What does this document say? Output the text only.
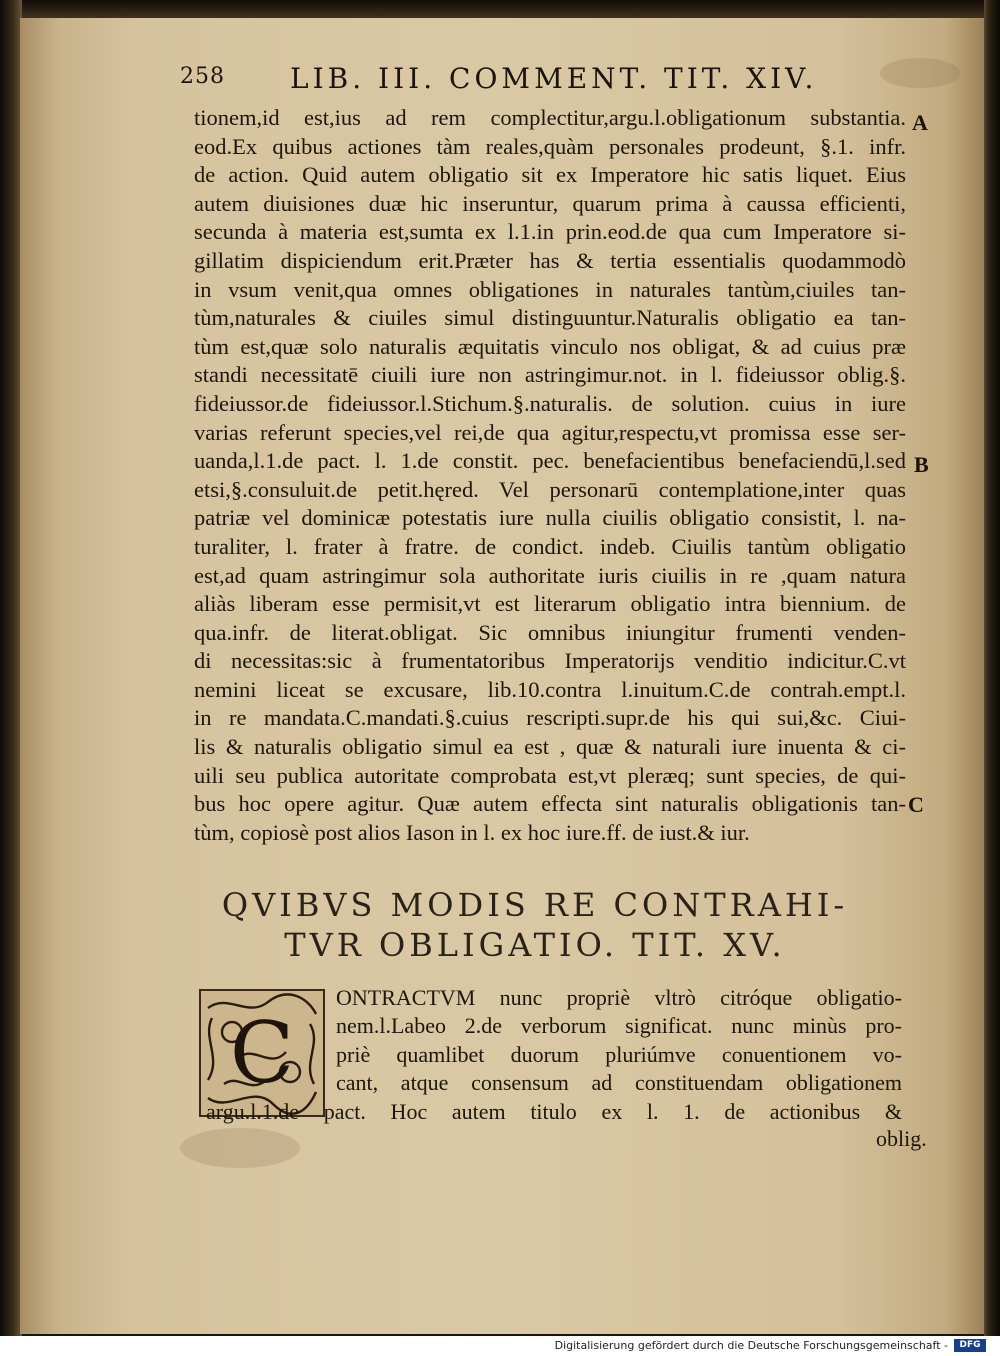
258 LIB. III. COMMENT. TIT. XIV.
tionem,id est,ius ad rem complectitur,argu.l.obligationum substantia.
eod.Ex quibus actiones tàm reales,quàm personales prodeunt, §.1. infr.
de action. Quid autem obligatio sit ex Imperatore hic satis liquet. Eius
autem diuisiones duæ hic inseruntur, quarum prima à caussa efficienti,
secunda à materia est,sumta ex l.1.in prin.eod.de qua cum Imperatore si-
gillatim dispiciendum erit.Præter has & tertia essentialis quodammodò
in vsum venit,qua omnes obligationes in naturales tantùm,ciuiles tan-
tùm,naturales & ciuiles simul distinguuntur.Naturalis obligatio ea tan-
tùm est,quæ solo naturalis æquitatis vinculo nos obligat, & ad cuius præ
standi necessitatē ciuili iure non astringimur.not. in l. fideiussor oblig.§.
fideiussor.de fideiussor.l.Stichum.§.naturalis. de solution. cuius in iure
varias referunt species,vel rei,de qua agitur,respectu,vt promissa esse ser-
uanda,l.1.de pact. l. 1.de constit. pec. benefacientibus benefaciendū,l.sed
etsi,§.consuluit.de petit.hęred. Vel personarū contemplatione,inter quas
patriæ vel dominicæ potestatis iure nulla ciuilis obligatio consistit, l. na-
turaliter, l. frater à fratre. de condict. indeb. Ciuilis tantùm obligatio
est,ad quam astringimur sola authoritate iuris ciuilis in re ,quam natura
aliàs liberam esse permisit,vt est literarum obligatio intra biennium. de
qua.infr. de literat.obligat. Sic omnibus iniungitur frumenti venden-
di necessitas:sic à frumentatoribus Imperatorijs venditio indicitur.C.vt
nemini liceat se excusare, lib.10.contra l.inuitum.C.de contrah.empt.l.
in re mandata.C.mandati.§.cuius rescripti.supr.de his qui sui,&c. Ciui-
lis & naturalis obligatio simul ea est , quæ & naturali iure inuenta & ci-
uili seu publica autoritate comprobata est,vt pleræq; sunt species, de qui-
bus hoc opere agitur. Quæ autem effecta sint naturalis obligationis tan-
tùm, copiosè post alios Iason in l. ex hoc iure.ff. de iust.& iur.
A
B
C
QVIBVS MODIS RE CONTRAHI-
TVR OBLIGATIO. TIT. XV.
C
ONTRACTVM nunc propriè vltrò citróque obligatio-
nem.l.Labeo 2.de verborum significat. nunc minùs pro-
priè quamlibet duorum pluriúmve conuentionem vo-
cant, atque consensum ad constituendam obligationem
argu.l.1.de pact. Hoc autem titulo ex l. 1. de actionibus &
oblig.
Digitalisierung gefördert durch die Deutsche Forschungsgemeinschaft -	DFG
